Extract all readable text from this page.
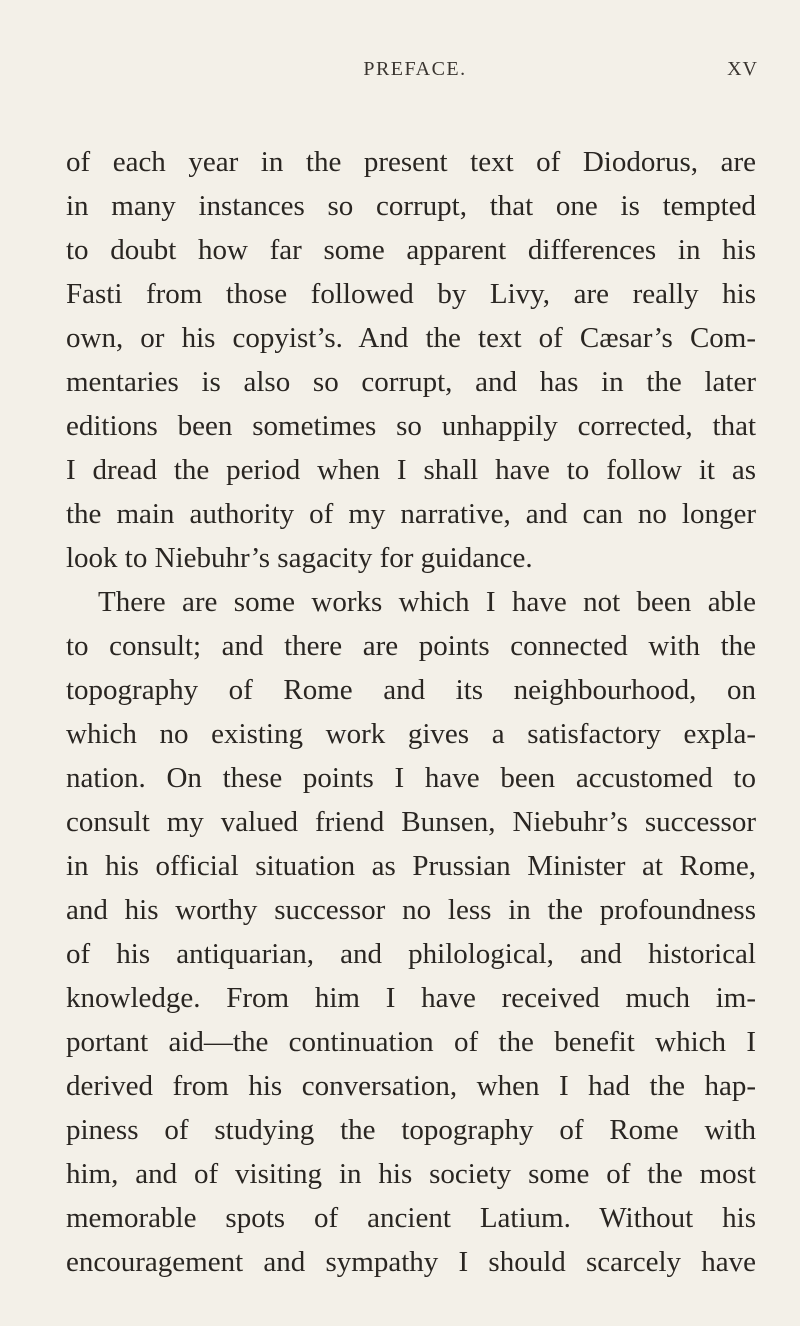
PREFACE.	XV
of each year in the present text of Diodorus, are
in many instances so corrupt, that one is tempted
to doubt how far some apparent differences in his
Fasti from those followed by Livy, are really his
own, or his copyist’s. And the text of Cæsar’s Com-
mentaries is also so corrupt, and has in the later
editions been sometimes so unhappily corrected, that
I dread the period when I shall have to follow it as
the main authority of my narrative, and can no longer
look to Niebuhr’s sagacity for guidance.
There are some works which I have not been able
to consult; and there are points connected with the
topography of Rome and its neighbourhood, on
which no existing work gives a satisfactory expla-
nation. On these points I have been accustomed to
consult my valued friend Bunsen, Niebuhr’s successor
in his official situation as Prussian Minister at Rome,
and his worthy successor no less in the profoundness
of his antiquarian, and philological, and historical
knowledge. From him I have received much im-
portant aid—the continuation of the benefit which I
derived from his conversation, when I had the hap-
piness of studying the topography of Rome with
him, and of visiting in his society some of the most
memorable spots of ancient Latium. Without his
encouragement and sympathy I should scarcely have
